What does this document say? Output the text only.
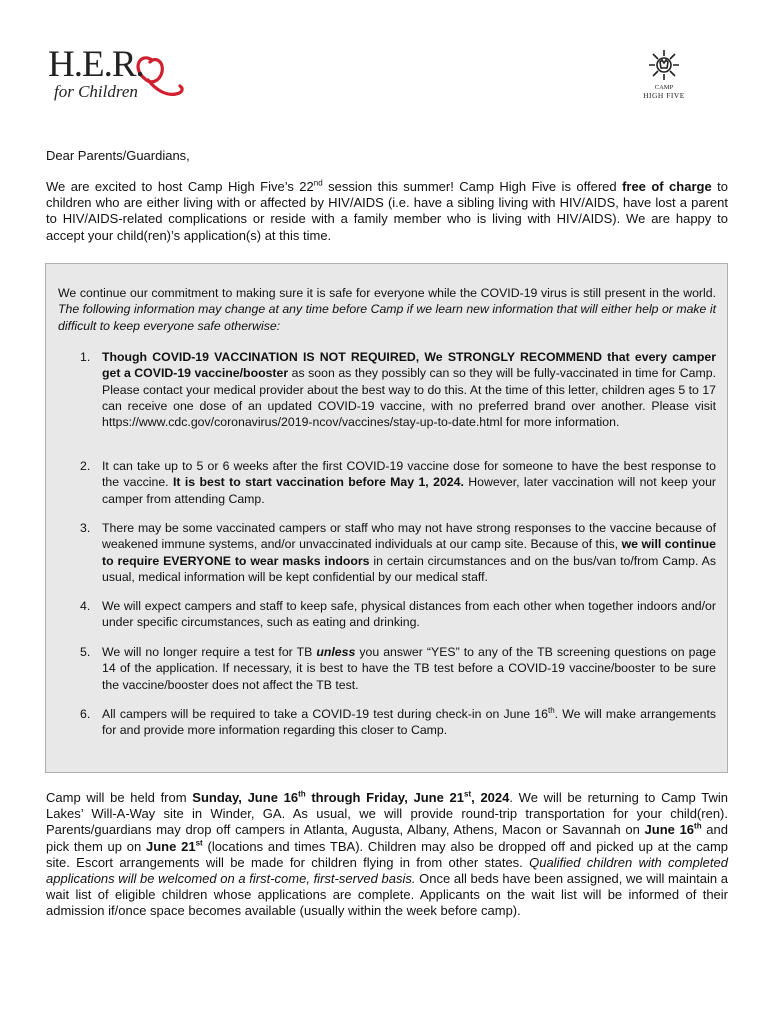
H.E.R.
for Children	CAMP
HIGH FIVE
Dear Parents/Guardians,
We are excited to host Camp High Five’s 22nd session this summer! Camp High Five is offered free of charge to children who are either living with or affected by HIV/AIDS (i.e. have a sibling living with HIV/AIDS, have lost a parent to HIV/AIDS-related complications or reside with a family member who is living with HIV/AIDS). We are happy to accept your child(ren)’s application(s) at this time.
We continue our commitment to making sure it is safe for everyone while the COVID-19 virus is still present in the world. The following information may change at any time before Camp if we learn new information that will either help or make it difficult to keep everyone safe otherwise:
1. Though COVID-19 VACCINATION IS NOT REQUIRED, We STRONGLY RECOMMEND that every camper get a COVID-19 vaccine/booster as soon as they possibly can so they will be fully-vaccinated in time for Camp. Please contact your medical provider about the best way to do this. At the time of this letter, children ages 5 to 17 can receive one dose of an updated COVID-19 vaccine, with no preferred brand over another. Please visit https://www.cdc.gov/coronavirus/2019-ncov/vaccines/stay-up-to-date.html for more information.
2. It can take up to 5 or 6 weeks after the first COVID-19 vaccine dose for someone to have the best response to the vaccine. It is best to start vaccination before May 1, 2024. However, later vaccination will not keep your camper from attending Camp.
3. There may be some vaccinated campers or staff who may not have strong responses to the vaccine because of weakened immune systems, and/or unvaccinated individuals at our camp site. Because of this, we will continue to require EVERYONE to wear masks indoors in certain circumstances and on the bus/van to/from Camp. As usual, medical information will be kept confidential by our medical staff.
4. We will expect campers and staff to keep safe, physical distances from each other when together indoors and/or under specific circumstances, such as eating and drinking.
5. We will no longer require a test for TB unless you answer “YES” to any of the TB screening questions on page 14 of the application. If necessary, it is best to have the TB test before a COVID-19 vaccine/booster to be sure the vaccine/booster does not affect the TB test.
6. All campers will be required to take a COVID-19 test during check-in on June 16th. We will make arrangements for and provide more information regarding this closer to Camp.
Camp will be held from Sunday, June 16th through Friday, June 21st, 2024. We will be returning to Camp Twin Lakes’ Will-A-Way site in Winder, GA. As usual, we will provide round-trip transportation for your child(ren). Parents/guardians may drop off campers in Atlanta, Augusta, Albany, Athens, Macon or Savannah on June 16th and pick them up on June 21st (locations and times TBA). Children may also be dropped off and picked up at the camp site. Escort arrangements will be made for children flying in from other states. Qualified children with completed applications will be welcomed on a first-come, first-served basis. Once all beds have been assigned, we will maintain a wait list of eligible children whose applications are complete. Applicants on the wait list will be informed of their admission if/once space becomes available (usually within the week before camp).
